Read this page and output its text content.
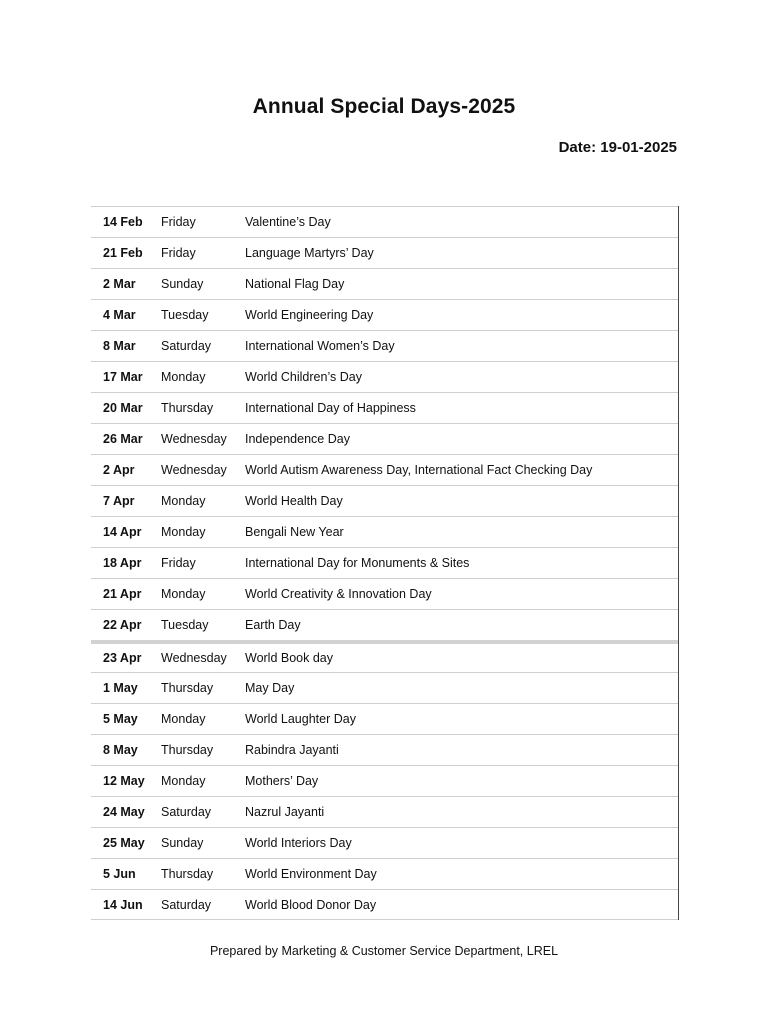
Annual Special Days-2025
Date: 19-01-2025
14 Feb	Friday	Valentine’s Day
21 Feb	Friday	Language Martyrs’ Day
2 Mar	Sunday	National Flag Day
4 Mar	Tuesday	World Engineering Day
8 Mar	Saturday	International Women’s Day
17 Mar	Monday	World Children’s Day
20 Mar	Thursday	International Day of Happiness
26 Mar	Wednesday	Independence Day
2 Apr	Wednesday	World Autism Awareness Day, International Fact Checking Day
7 Apr	Monday	World Health Day
14 Apr	Monday	Bengali New Year
18 Apr	Friday	International Day for Monuments & Sites
21 Apr	Monday	World Creativity & Innovation Day
22 Apr	Tuesday	Earth Day
23 Apr	Wednesday	World Book day
1 May	Thursday	May Day
5 May	Monday	World Laughter Day
8 May	Thursday	Rabindra Jayanti
12 May	Monday	Mothers’ Day
24 May	Saturday	Nazrul Jayanti
25 May	Sunday	World Interiors Day
5 Jun	Thursday	World Environment Day
14 Jun	Saturday	World Blood Donor Day
Prepared by Marketing & Customer Service Department, LREL
